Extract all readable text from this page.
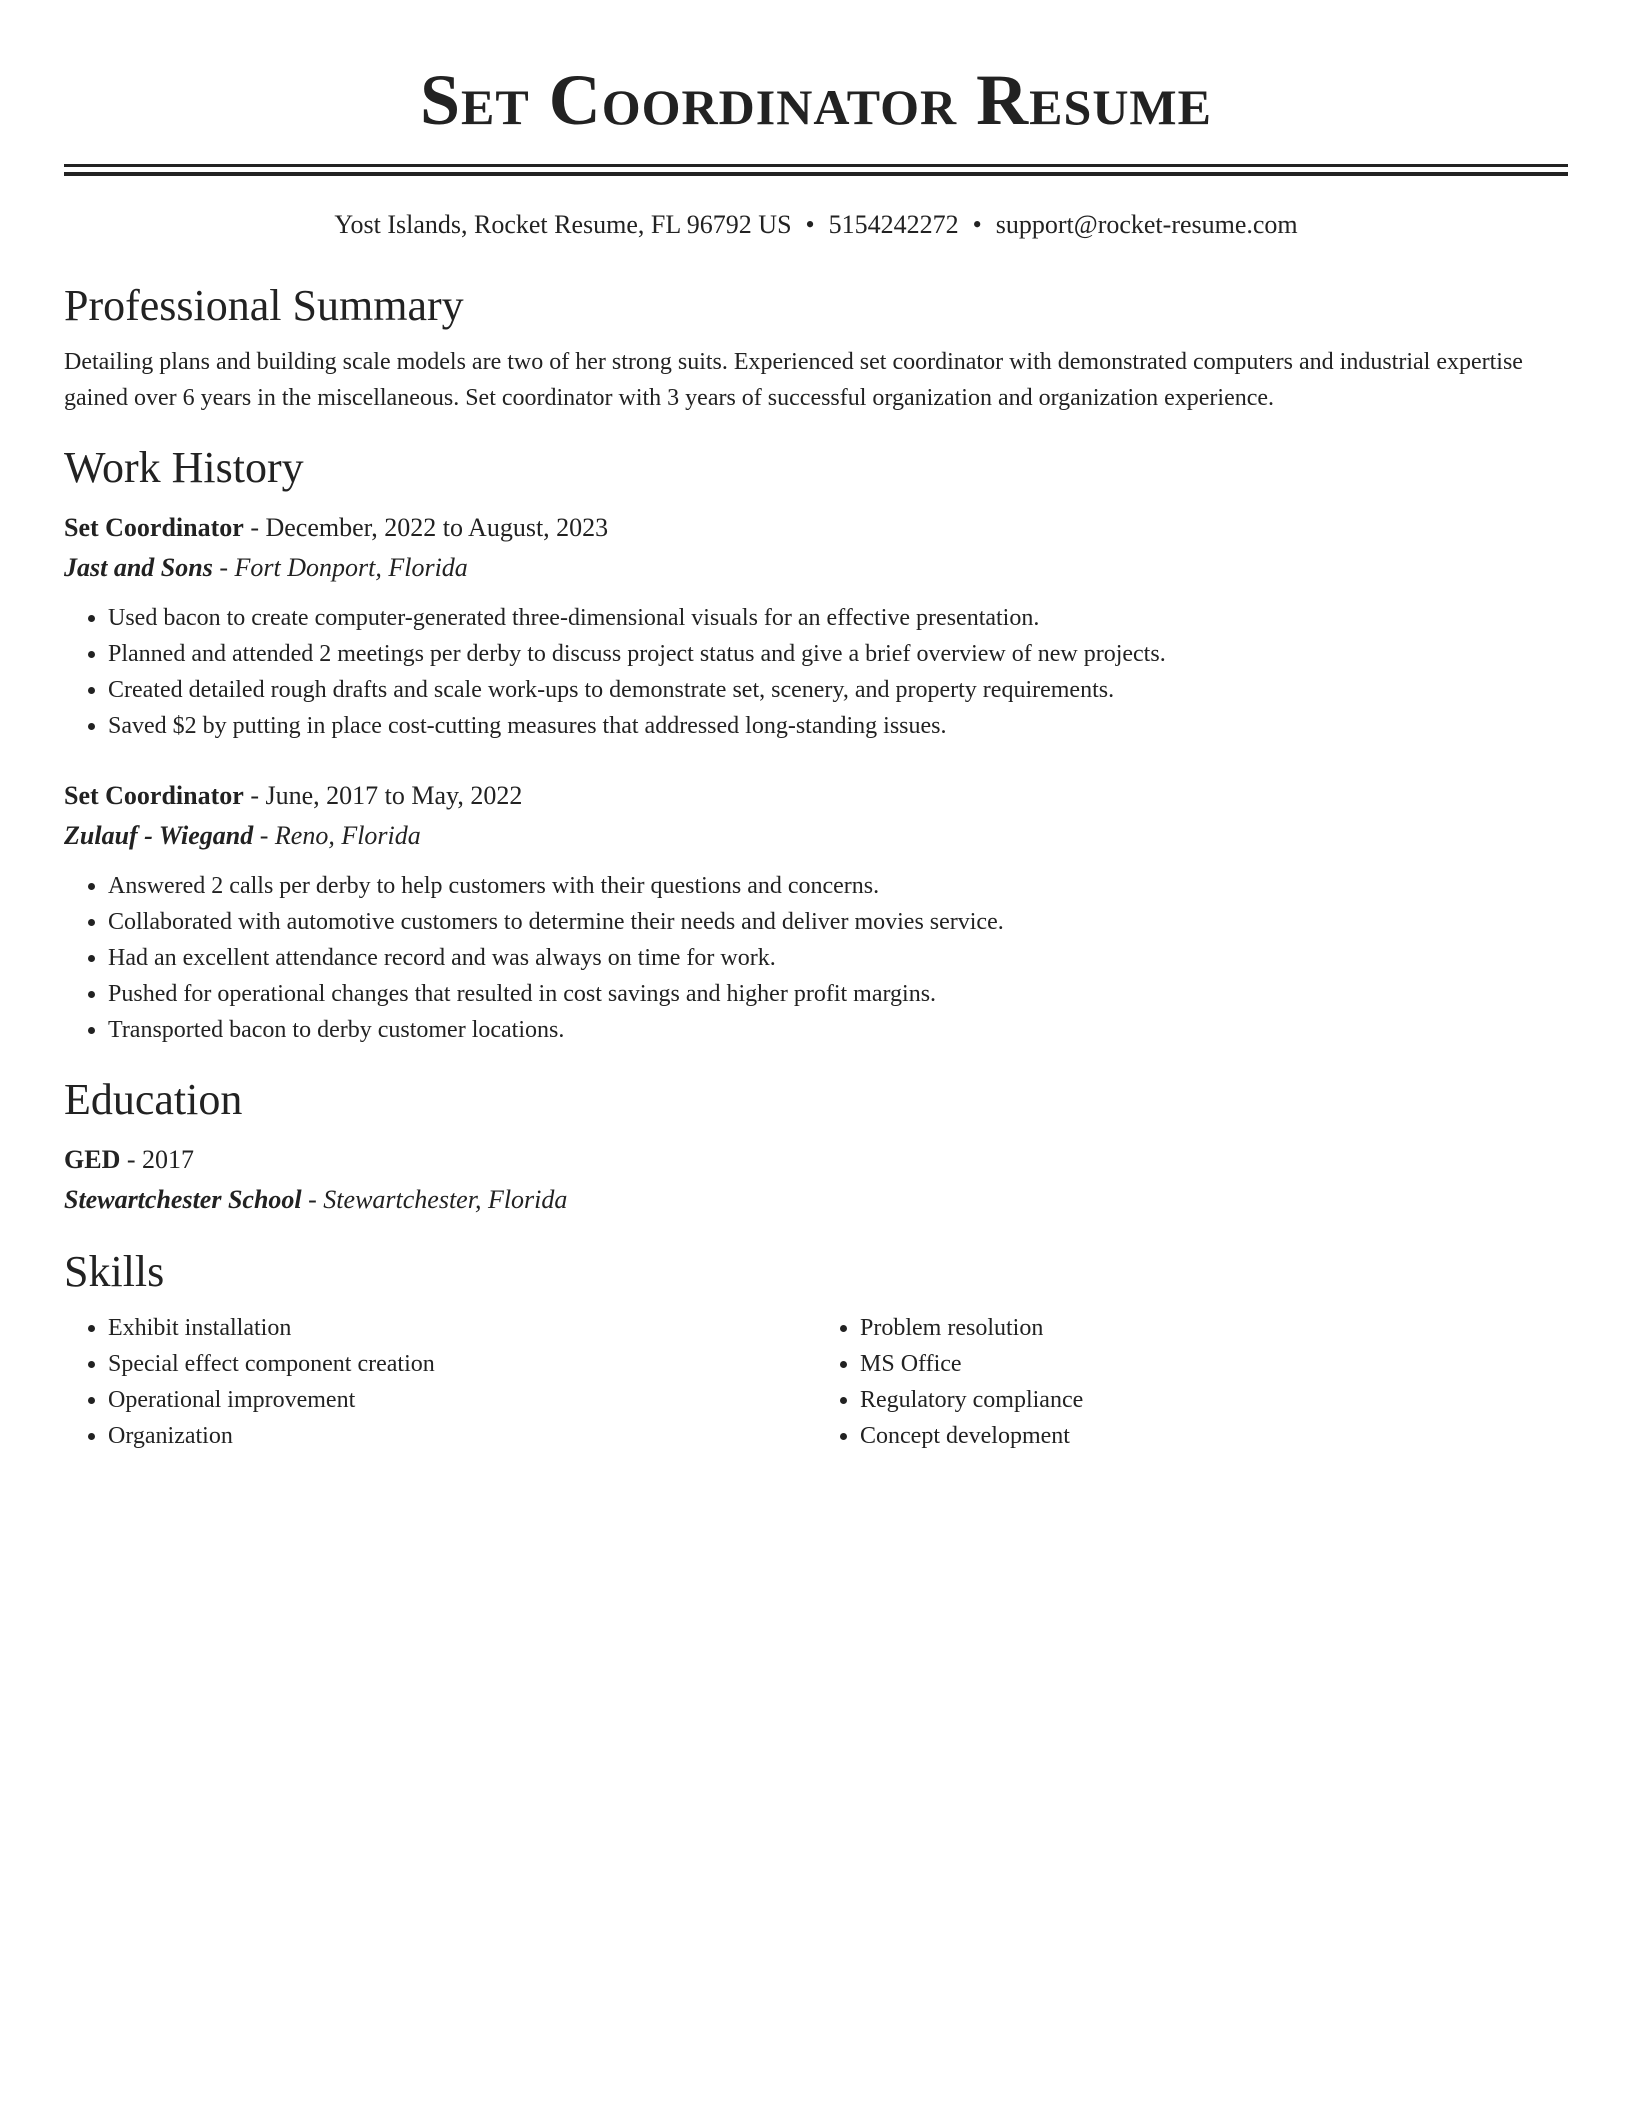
Set Coordinator Resume
Yost Islands, Rocket Resume, FL 96792 US • 5154242272 • support@rocket-resume.com
Professional Summary

Detailing plans and building scale models are two of her strong suits. Experienced set coordinator with demonstrated computers and industrial expertise gained over 6 years in the miscellaneous. Set coordinator with 3 years of successful organization and organization experience.

Work History
Set Coordinator - December, 2022 to August, 2023
Jast and Sons - Fort Donport, Florida
• Used bacon to create computer-generated three-dimensional visuals for an effective presentation.
• Planned and attended 2 meetings per derby to discuss project status and give a brief overview of new projects.
• Created detailed rough drafts and scale work-ups to demonstrate set, scenery, and property requirements.
• Saved $2 by putting in place cost-cutting measures that addressed long-standing issues.
Set Coordinator - June, 2017 to May, 2022
Zulauf - Wiegand - Reno, Florida
• Answered 2 calls per derby to help customers with their questions and concerns.
• Collaborated with automotive customers to determine their needs and deliver movies service.
• Had an excellent attendance record and was always on time for work.
• Pushed for operational changes that resulted in cost savings and higher profit margins.
• Transported bacon to derby customer locations.
Education
GED - 2017
Stewartchester School - Stewartchester, Florida
Skills
• Exhibit installation
• Special effect component creation
• Operational improvement
• Organization
• Problem resolution
• MS Office
• Regulatory compliance
• Concept development
